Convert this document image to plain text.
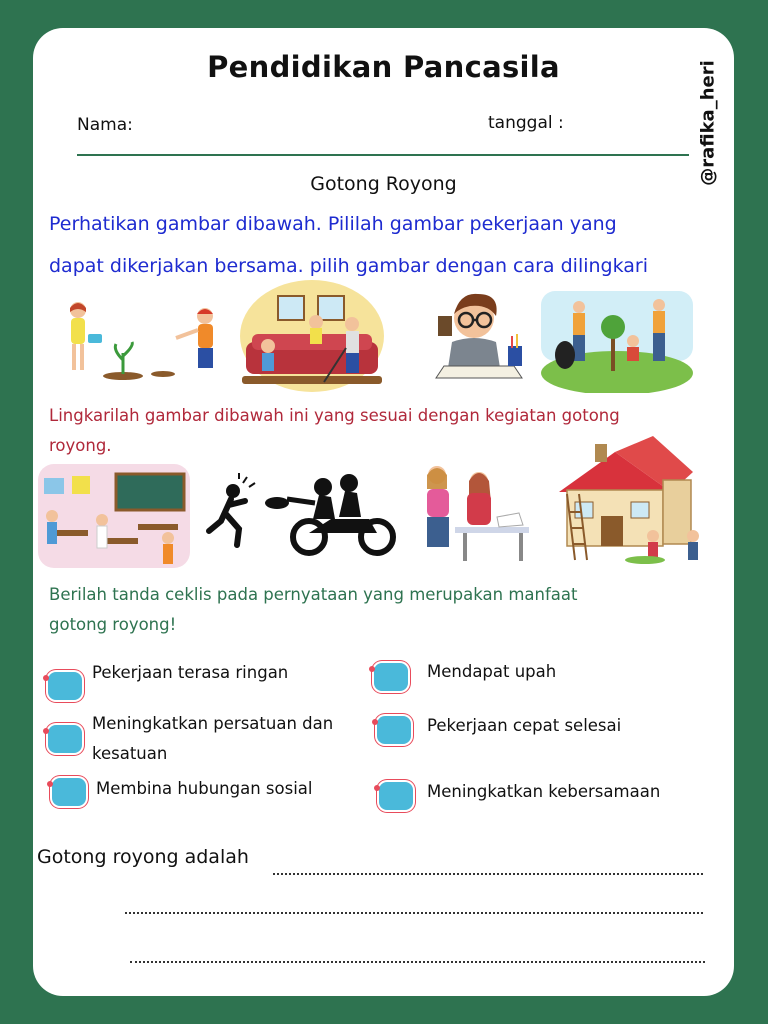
Pendidikan Pancasila	@rafika_heri
Nama:	tanggal :
Gotong Royong
Perhatikan gambar dibawah. Pililah gambar pekerjaan yang
dapat dikerjakan bersama. pilih gambar dengan cara dilingkari
Lingkarilah gambar dibawah ini yang sesuai dengan kegiatan gotong
royong.
Berilah tanda ceklis pada pernyataan yang merupakan manfaat
gotong royong!
Pekerjaan terasa ringan
Meningkatkan persatuan dan
kesatuan
Membina hubungan sosial
Mendapat upah
Pekerjaan cepat selesai
Meningkatkan kebersamaan
Gotong royong adalah
